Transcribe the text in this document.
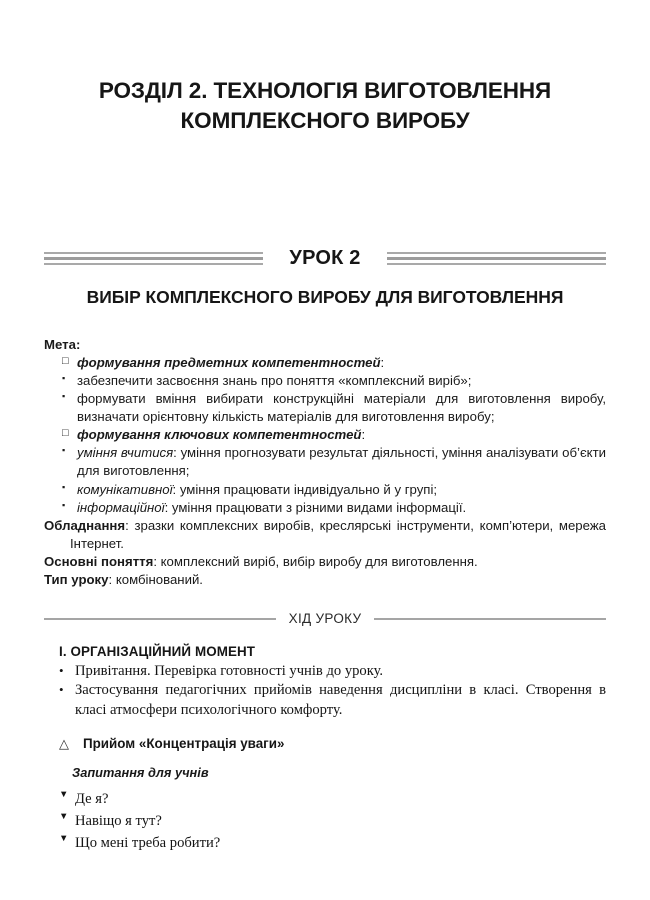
РОЗДІЛ 2. ТЕХНОЛОГІЯ ВИГОТОВЛЕННЯ
КОМПЛЕКСНОГО ВИРОБУ
УРОК 2
ВИБІР КОМПЛЕКСНОГО ВИРОБУ ДЛЯ ВИГОТОВЛЕННЯ

Мета:

□ формування предметних компетентностей:
▪ забезпечити засвоєння знань про поняття «комплексний виріб»;
▪ формувати вміння вибирати конструкційні матеріали для виготовлення виробу, визначати орієнтовну кількість матеріалів для виготовлення виробу;
□ формування ключових компетентностей:
▪ уміння вчитися: уміння прогнозувати результат діяльності, уміння аналізувати об’єкти для виготовлення;
▪ комунікативної: уміння працювати індивідуально й у групі;
▪ інформаційної: уміння працювати з різними видами інформації.

Обладнання: зразки комплексних виробів, креслярські інструменти, комп’ютери, мережа Інтернет.

Основні поняття: комплексний виріб, вибір виробу для виготовлення.

Тип уроку: комбінований.

ХІД УРОКУ
I. ОРГАНІЗАЦІЙНИЙ МОМЕНТ
• Привітання. Перевірка готовності учнів до уроку.
• Застосування педагогічних прийомів наведення дисципліни в класі. Створення в класі атмосфери психологічного комфорту.
△ Прийом «Концентрація уваги»
Запитання для учнів
▼ Де я?
▼ Навіщо я тут?
▼ Що мені треба робити?
